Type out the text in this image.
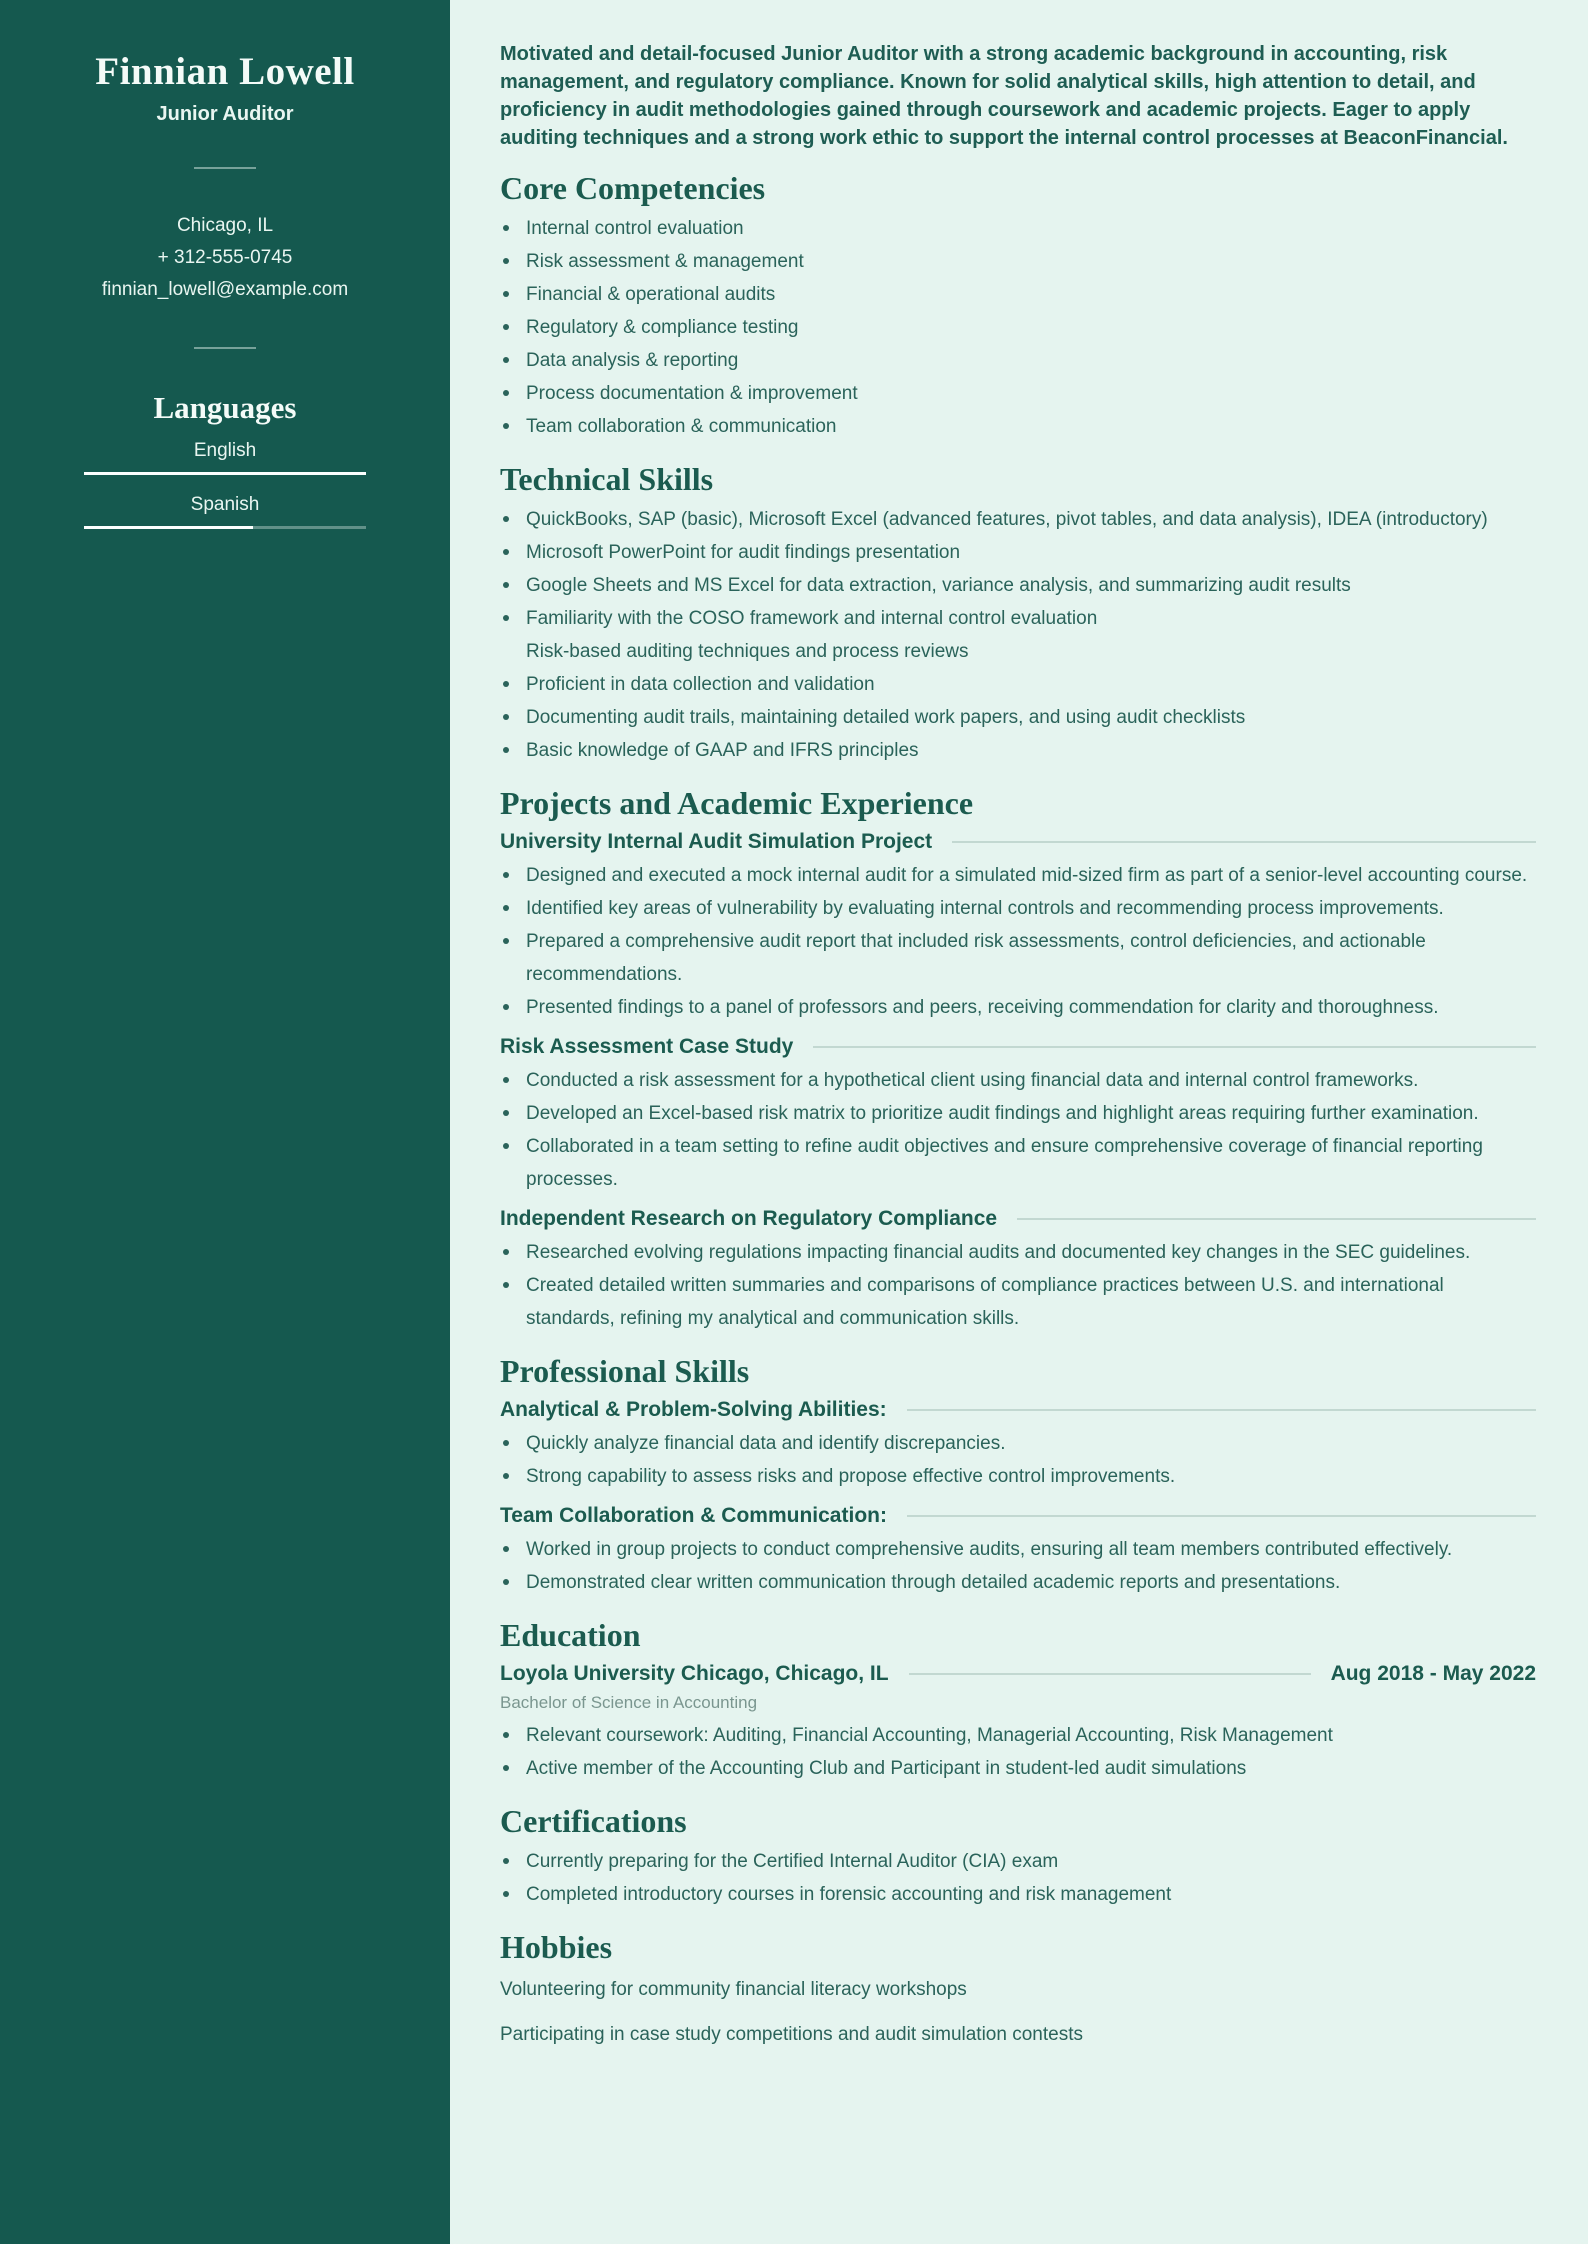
Finnian Lowell
Junior Auditor
Chicago, IL
+ 312-555-0745
finnian_lowell@example.com
Languages
English
Spanish

Motivated and detail-focused Junior Auditor with a strong academic background in accounting, risk management, and regulatory compliance. Known for solid analytical skills, high attention to detail, and proficiency in audit methodologies gained through coursework and academic projects. Eager to apply auditing techniques and a strong work ethic to support the internal control processes at BeaconFinancial.

Core Competencies
Internal control evaluation
Risk assessment & management
Financial & operational audits
Regulatory & compliance testing
Data analysis & reporting
Process documentation & improvement
Team collaboration & communication
Technical Skills
QuickBooks, SAP (basic), Microsoft Excel (advanced features, pivot tables, and data analysis), IDEA (introductory)
Microsoft PowerPoint for audit findings presentation
Google Sheets and MS Excel for data extraction, variance analysis, and summarizing audit results
Familiarity with the COSO framework and internal control evaluation
Risk-based auditing techniques and process reviews
Proficient in data collection and validation
Documenting audit trails, maintaining detailed work papers, and using audit checklists
Basic knowledge of GAAP and IFRS principles
Projects and Academic Experience
University Internal Audit Simulation Project
Designed and executed a mock internal audit for a simulated mid-sized firm as part of a senior-level accounting course.
Identified key areas of vulnerability by evaluating internal controls and recommending process improvements.
Prepared a comprehensive audit report that included risk assessments, control deficiencies, and actionable recommendations.
Presented findings to a panel of professors and peers, receiving commendation for clarity and thoroughness.
Risk Assessment Case Study
Conducted a risk assessment for a hypothetical client using financial data and internal control frameworks.
Developed an Excel-based risk matrix to prioritize audit findings and highlight areas requiring further examination.
Collaborated in a team setting to refine audit objectives and ensure comprehensive coverage of financial reporting processes.
Independent Research on Regulatory Compliance
Researched evolving regulations impacting financial audits and documented key changes in the SEC guidelines.
Created detailed written summaries and comparisons of compliance practices between U.S. and international standards, refining my analytical and communication skills.
Professional Skills
Analytical & Problem-Solving Abilities:
Quickly analyze financial data and identify discrepancies.
Strong capability to assess risks and propose effective control improvements.
Team Collaboration & Communication:
Worked in group projects to conduct comprehensive audits, ensuring all team members contributed effectively.
Demonstrated clear written communication through detailed academic reports and presentations.
Education
Loyola University Chicago, Chicago, IL	Aug 2018 - May 2022
Bachelor of Science in Accounting
Relevant coursework: Auditing, Financial Accounting, Managerial Accounting, Risk Management
Active member of the Accounting Club and Participant in student-led audit simulations
Certifications
Currently preparing for the Certified Internal Auditor (CIA) exam
Completed introductory courses in forensic accounting and risk management
Hobbies

Volunteering for community financial literacy workshops

Participating in case study competitions and audit simulation contests
